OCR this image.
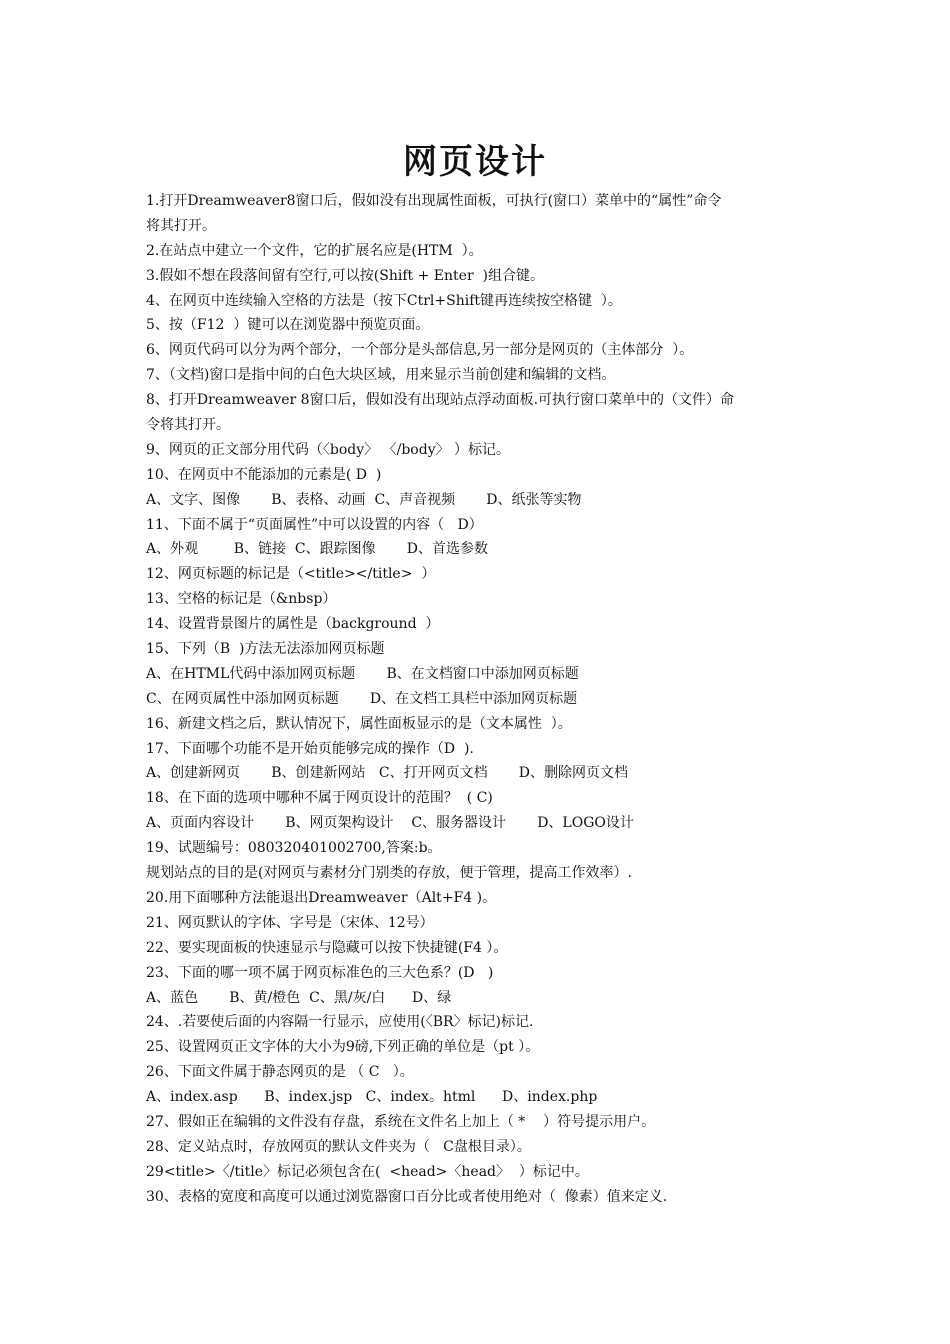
网页设计
1.打开Dreamweaver8窗口后，假如没有出现属性面板，可执行(窗口）菜单中的“属性”命令
将其打开。
2.在站点中建立一个文件，它的扩展名应是(HTM  ）。
3.假如不想在段落间留有空行,可以按(Shift + Enter  )组合键。
4、在网页中连续输入空格的方法是（按下Ctrl+Shift键再连续按空格键  ）。
5、按（F12  ）键可以在浏览器中预览页面。
6、网页代码可以分为两个部分，一个部分是头部信息,另一部分是网页的（主体部分  ）。
7、（文档)窗口是指中间的白色大块区域，用来显示当前创建和编辑的文档。
8、打开Dreamweaver 8窗口后，假如没有出现站点浮动面板.可执行窗口菜单中的（文件）命
令将其打开。
9、网页的正文部分用代码（〈body〉 〈/body〉 ）标记。
10、在网页中不能添加的元素是( D  )
A、文字、图像       B、表格、动画  C、声音视频       D、纸张等实物
11、下面不属于“页面属性”中可以设置的内容（   D）
A、外观        B、链接  C、跟踪图像       D、首选参数
12、网页标题的标记是（<title></title>  ）
13、空格的标记是（&nbsp）
14、设置背景图片的属性是（background  ）
15、下列（B  )方法无法添加网页标题
A、在HTML代码中添加网页标题       B、在文档窗口中添加网页标题
C、在网页属性中添加网页标题       D、在文档工具栏中添加网页标题
16、新建文档之后，默认情况下，属性面板显示的是（文本属性  ）。
17、下面哪个功能不是开始页能够完成的操作（D  ).
A、创建新网页       B、创建新网站   C、打开网页文档       D、删除网页文档
18、在下面的选项中哪种不属于网页设计的范围？  ( C)
A、页面内容设计       B、网页架构设计    C、服务器设计       D、LOGO设计
19、试题编号：080320401002700,答案:b。
规划站点的目的是(对网页与素材分门别类的存放，便于管理，提高工作效率）.
20.用下面哪种方法能退出Dreamweaver（Alt+F4 )。
21、网页默认的字体、字号是（宋体、12号）
22、要实现面板的快速显示与隐藏可以按下快捷键(F4 ）。
23、下面的哪一项不属于网页标准色的三大色系？(D   )
A、蓝色       B、黄/橙色  C、黑/灰/白      D、绿
24、.若要使后面的内容隔一行显示，应使用(〈BR〉标记)标记.
25、设置网页正文字体的大小为9磅,下列正确的单位是（pt ）。
26、下面文件属于静态网页的是 （ C   ）。
A、index.asp      B、index.jsp   C、index。html      D、index.php
27、假如正在编辑的文件没有存盘，系统在文件名上加上（ *    ）符号提示用户。
28、定义站点时，存放网页的默认文件夹为（   C盘根目录）。
29<title>〈/title〉标记必须包含在(  <head>〈head〉  ）标记中。
30、表格的宽度和高度可以通过浏览器窗口百分比或者使用绝对（  像素）值来定义.
